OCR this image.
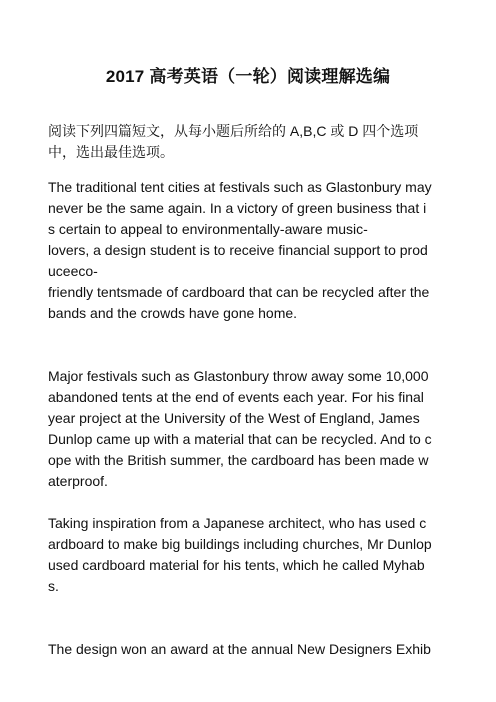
2017 高考英语（一轮）阅读理解选编
阅读下列四篇短文，从每小题后所给的 A,B,C 或 D 四个选项
中，选出最佳选项。
The traditional tent cities at festivals such as Glastonbury may
never be the same again. In a victory of green business that i
s certain to appeal to environmentally-aware music-
lovers, a design student is to receive financial support to prod
uceeco-
friendly tentsmade of cardboard that can be recycled after the
bands and the crowds have gone home.
Major festivals such as Glastonbury throw away some 10,000
abandoned tents at the end of events each year. For his final
year project at the University of the West of England, James
Dunlop came up with a material that can be recycled. And to c
ope with the British summer, the cardboard has been made w
aterproof.
Taking inspiration from a Japanese architect, who has used c
ardboard to make big buildings including churches, Mr Dunlop
used cardboard material for his tents, which he called Myhab
s.
The design won an award at the annual New Designers Exhib
